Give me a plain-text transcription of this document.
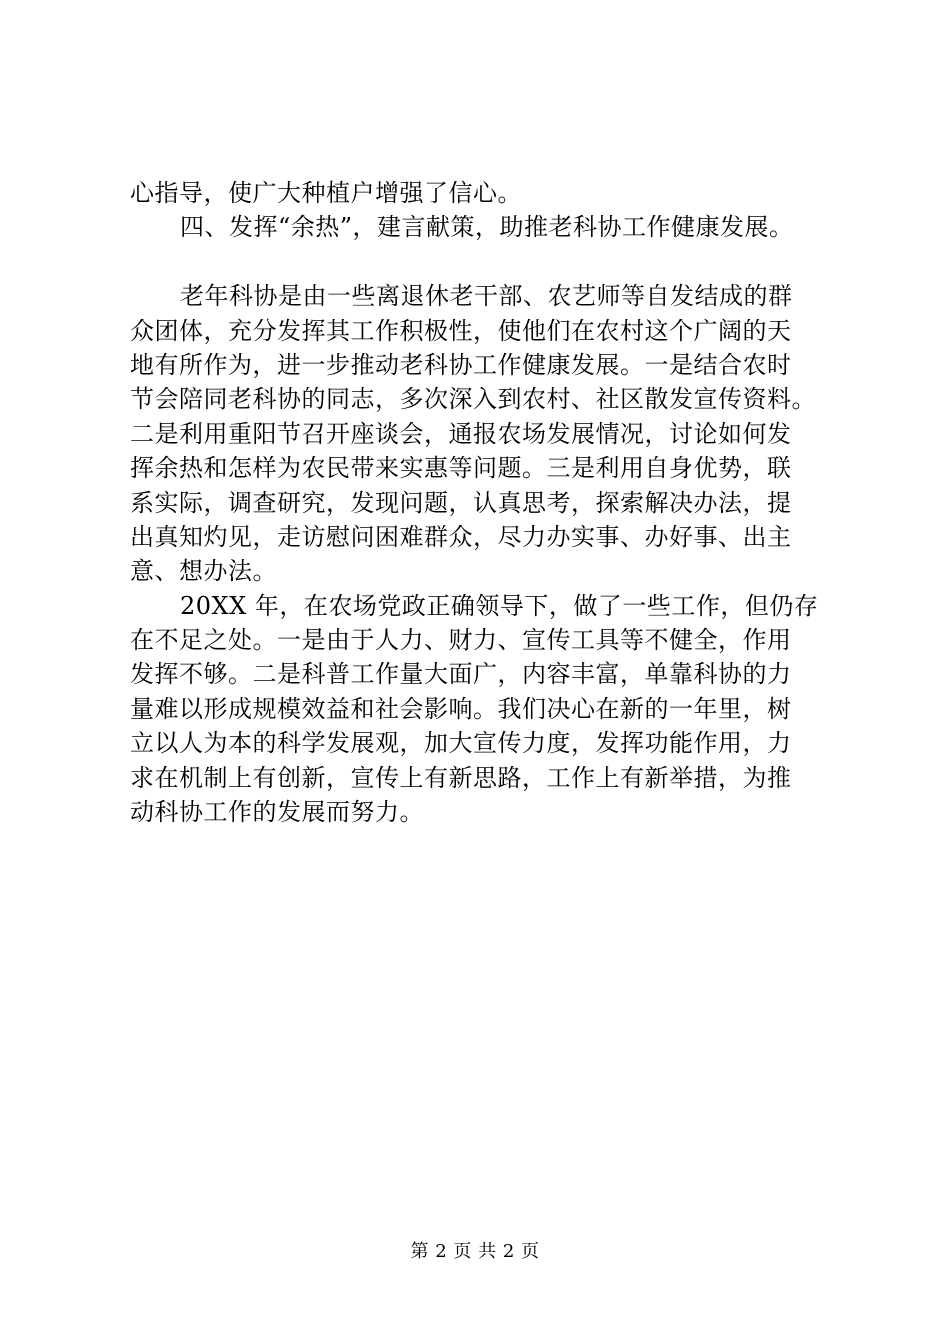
心指导，使广大种植户增强了信心。
四、发挥“余热”，建言献策，助推老科协工作健康发展。
老年科协是由一些离退休老干部、农艺师等自发结成的群
众团体，充分发挥其工作积极性，使他们在农村这个广阔的天
地有所作为，进一步推动老科协工作健康发展。一是结合农时
节会陪同老科协的同志，多次深入到农村、社区散发宣传资料。
二是利用重阳节召开座谈会，通报农场发展情况，讨论如何发
挥余热和怎样为农民带来实惠等问题。三是利用自身优势，联
系实际，调查研究，发现问题，认真思考，探索解决办法，提
出真知灼见，走访慰问困难群众，尽力办实事、办好事、出主
意、想办法。
20XX 年，在农场党政正确领导下，做了一些工作，但仍存
在不足之处。一是由于人力、财力、宣传工具等不健全，作用
发挥不够。二是科普工作量大面广，内容丰富，单靠科协的力
量难以形成规模效益和社会影响。我们决心在新的一年里，树
立以人为本的科学发展观，加大宣传力度，发挥功能作用，力
求在机制上有创新，宣传上有新思路，工作上有新举措，为推
动科协工作的发展而努力。
第 2 页 共 2 页
